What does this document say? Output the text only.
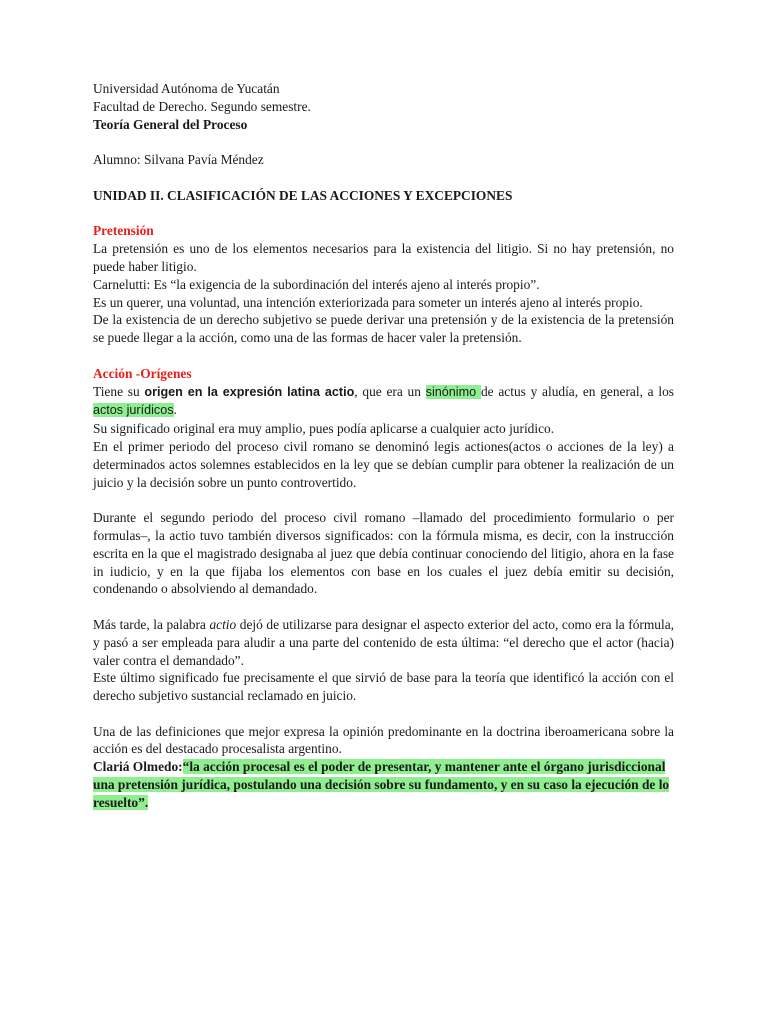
Universidad Autónoma de Yucatán

Facultad de Derecho. Segundo semestre.

Teoría General del Proceso

Alumno: Silvana Pavía Méndez

UNIDAD II. CLASIFICACIÓN DE LAS ACCIONES Y EXCEPCIONES

Pretensión

La pretensión es uno de los elementos necesarios para la existencia del litigio. Si no hay pretensión, no puede haber litigio.

Carnelutti: Es “la exigencia de la subordinación del interés ajeno al interés propio”.

Es un querer, una voluntad, una intención exteriorizada para someter un interés ajeno al interés propio.

De la existencia de un derecho subjetivo se puede derivar una pretensión y de la existencia de la pretensión se puede llegar a la acción, como una de las formas de hacer valer la pretensión.

Acción -Orígenes

Tiene su origen en la expresión latina actio, que era un sinónimo de actus y aludía, en general, a los actos jurídicos.

Su significado original era muy amplio, pues podía aplicarse a cualquier acto jurídico.

En el primer periodo del proceso civil romano se denominó legis actiones(actos o acciones de la ley) a determinados actos solemnes establecidos en la ley que se debían cumplir para obtener la realización de un juicio y la decisión sobre un punto controvertido.

Durante el segundo periodo del proceso civil romano –llamado del procedimiento formulario o per formulas–, la actio tuvo también diversos significados: con la fórmula misma, es decir, con la instrucción escrita en la que el magistrado designaba al juez que debía continuar conociendo del litigio, ahora en la fase in iudicio, y en la que fijaba los elementos con base en los cuales el juez debía emitir su decisión, condenando o absolviendo al demandado.

Más tarde, la palabra actio dejó de utilizarse para designar el aspecto exterior del acto, como era la fórmula, y pasó a ser empleada para aludir a una parte del contenido de esta última: “el derecho que el actor (hacia) valer contra el demandado”.

Este último significado fue precisamente el que sirvió de base para la teoría que identificó la acción con el derecho subjetivo sustancial reclamado en juicio.

Una de las definiciones que mejor expresa la opinión predominante en la doctrina iberoamericana sobre la acción es del destacado procesalista argentino.

Clariá Olmedo:“la acción procesal es el poder de presentar, y mantener ante el órgano jurisdiccional una pretensión jurídica, postulando una decisión sobre su fundamento, y en su caso la ejecución de lo resuelto”.
